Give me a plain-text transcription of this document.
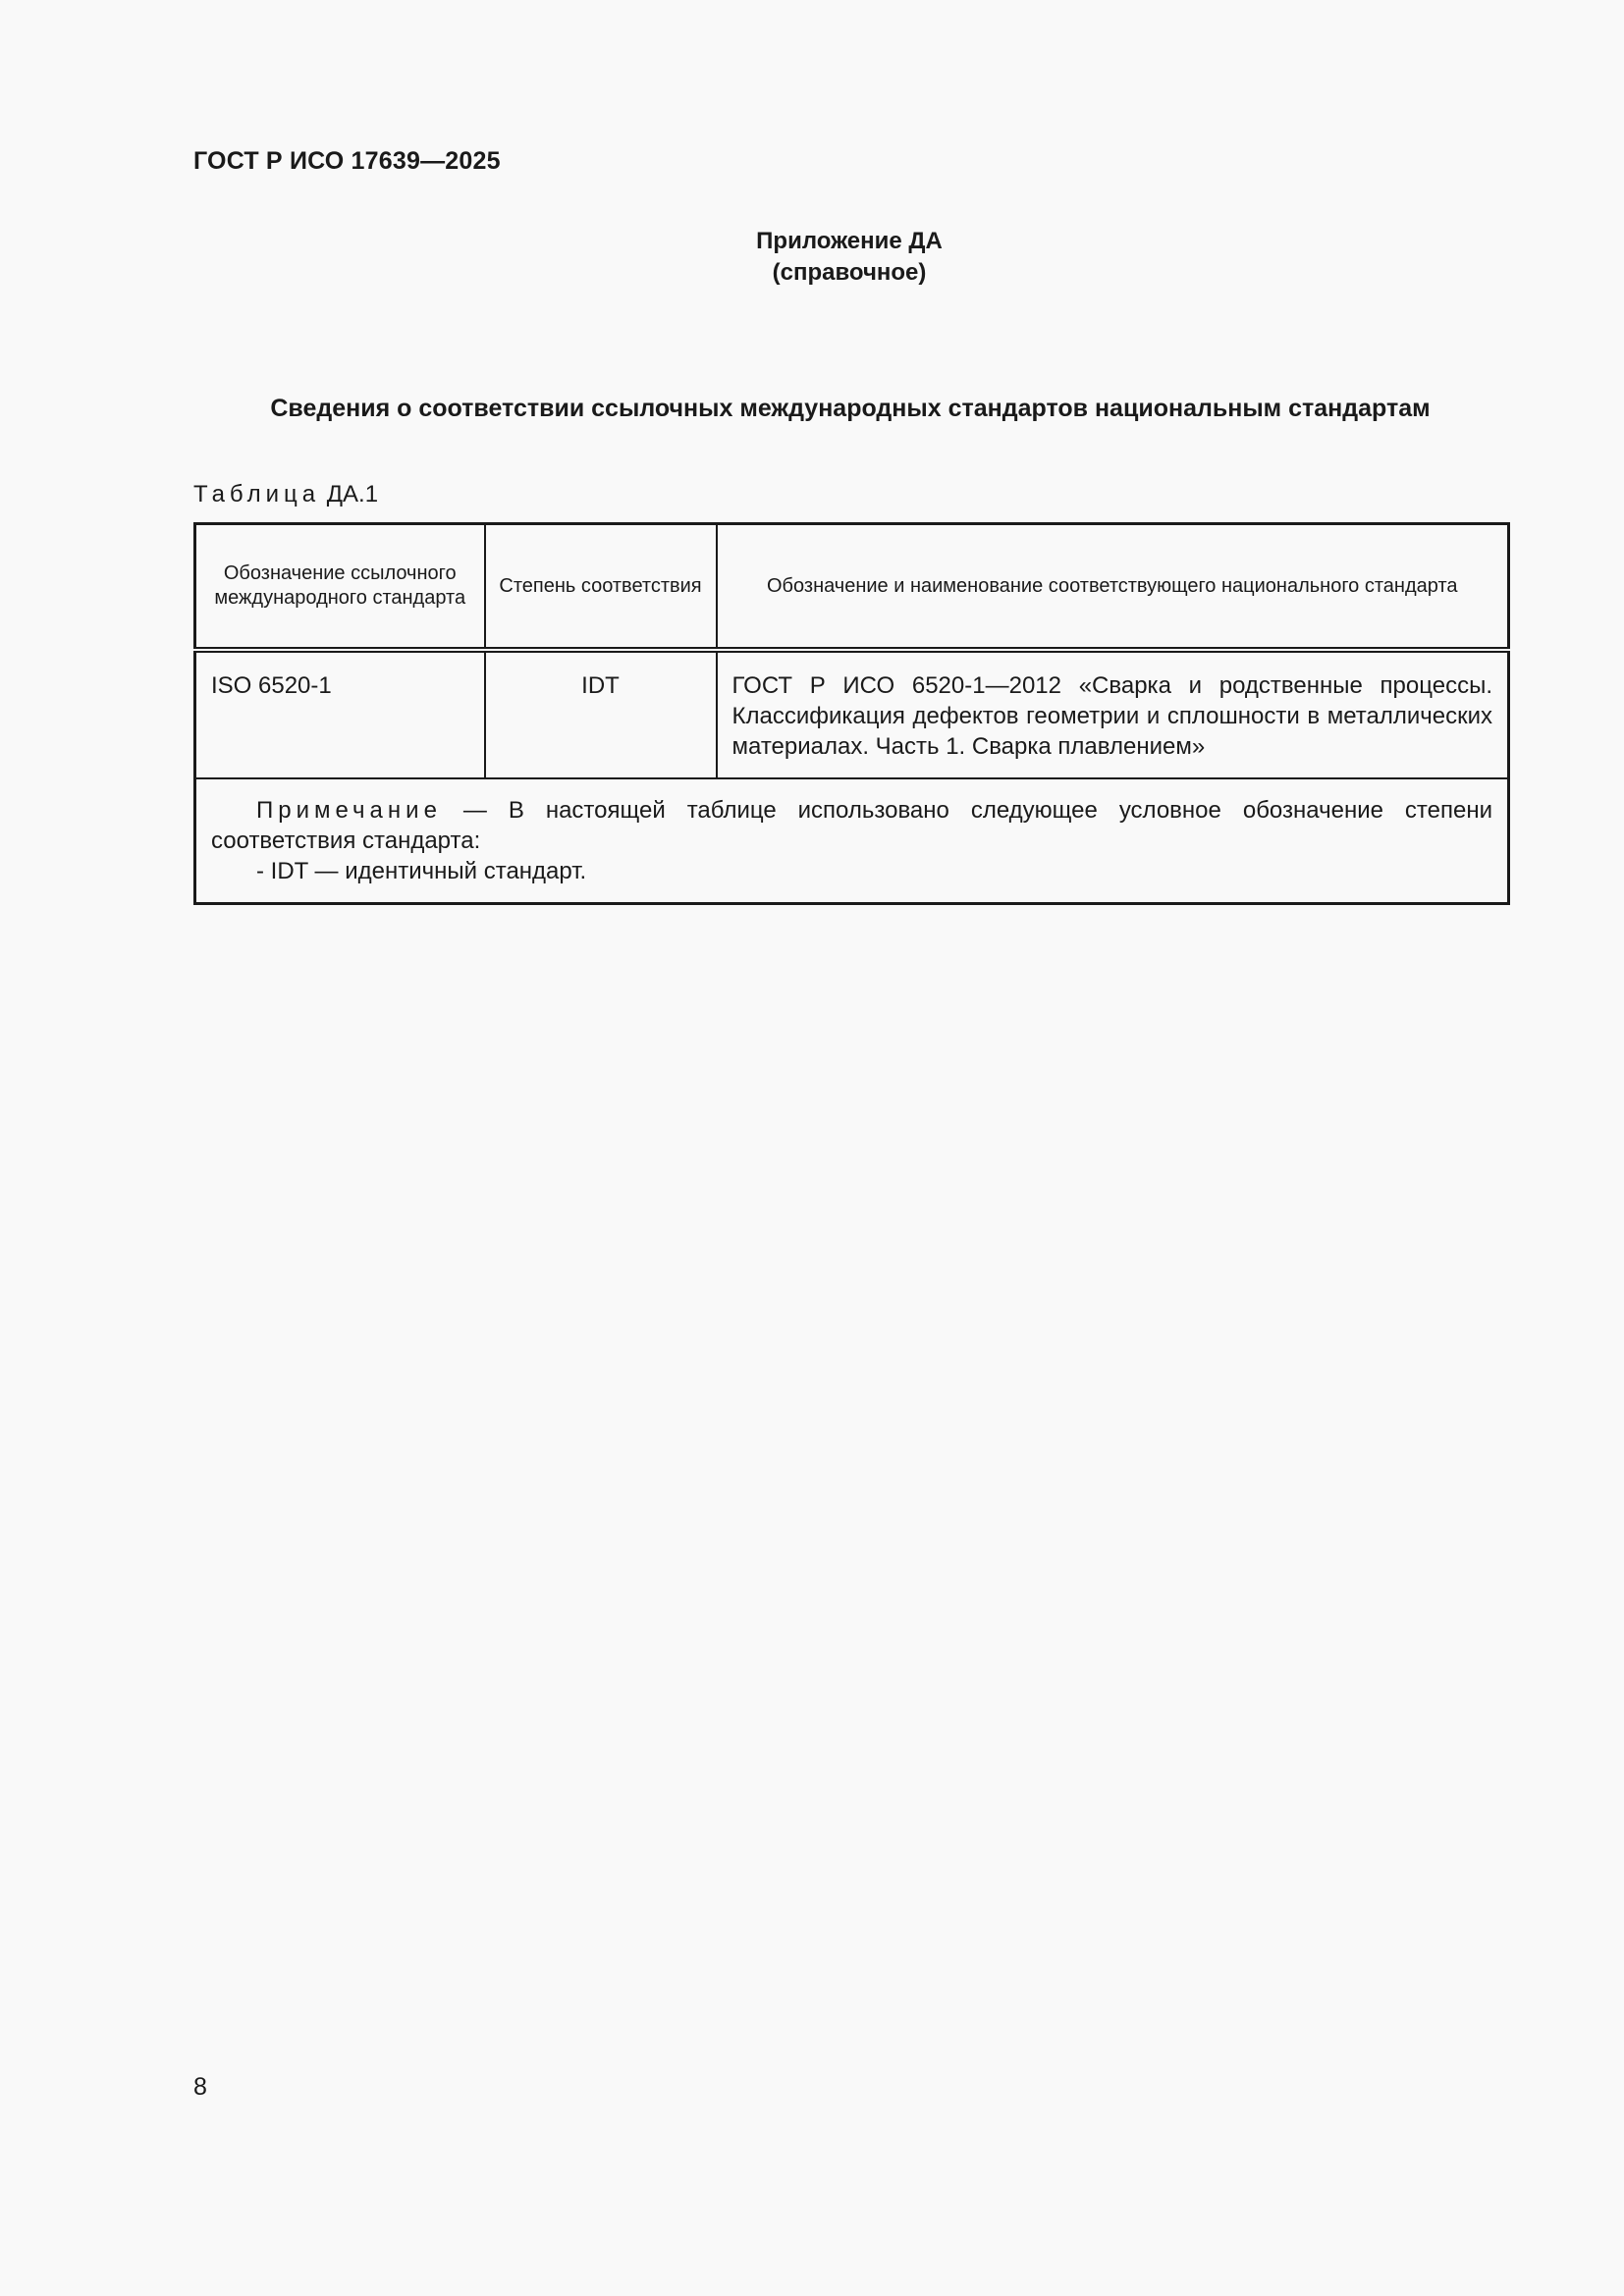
ГОСТ Р ИСО 17639—2025
Приложение ДА
(справочное)
Сведения о соответствии ссылочных международных стандартов национальным стандартам
Таблица ДА.1
Обозначение ссылочного международного стандарта	Степень соответствия	Обозначение и наименование соответствующего национального стандарта
ISO 6520-1	IDT	ГОСТ Р ИСО 6520-1—2012 «Сварка и родственные процессы. Классификация дефектов геометрии и сплошности в металлических материалах. Часть 1. Сварка плавлением»

Примечание — В настоящей таблице использовано следующее условное обозначение степени соответствия стандарта:
- IDT — идентичный стандарт.		
8
